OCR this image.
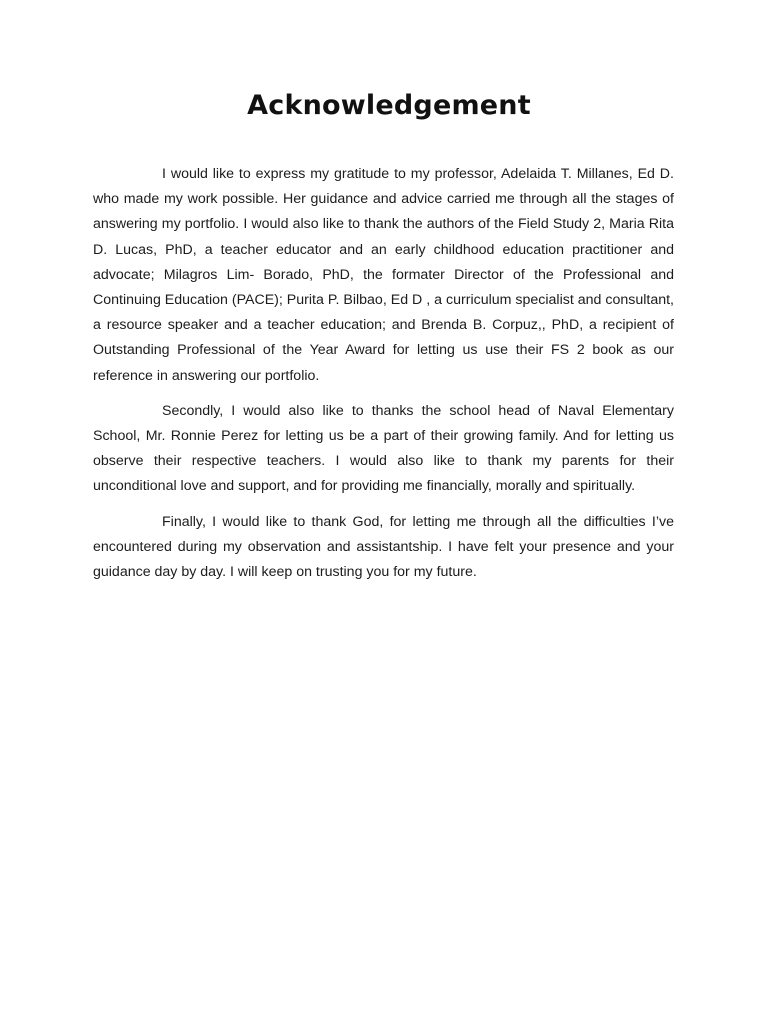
Acknowledgement

I would like to express my gratitude to my professor, Adelaida T. Millanes, Ed D. who made my work possible. Her guidance and advice carried me through all the stages of answering my portfolio. I would also like to thank the authors of the Field Study 2, Maria Rita D. Lucas, PhD, a teacher educator and an early childhood education practitioner and advocate; Milagros Lim- Borado, PhD, the formater Director of the Professional and Continuing Education (PACE); Purita P. Bilbao, Ed D , a curriculum specialist and consultant, a resource speaker and a teacher education; and Brenda B. Corpuz,, PhD, a recipient of Outstanding Professional of the Year Award for letting us use their FS 2 book as our reference in answering our portfolio.

Secondly, I would also like to thanks the school head of Naval Elementary School, Mr. Ronnie Perez for letting us be a part of their growing family. And for letting us observe their respective teachers. I would also like to thank my parents for their unconditional love and support, and for providing me financially, morally and spiritually.

Finally, I would like to thank God, for letting me through all the difficulties I’ve encountered during my observation and assistantship. I have felt your presence and your guidance day by day. I will keep on trusting you for my future.
